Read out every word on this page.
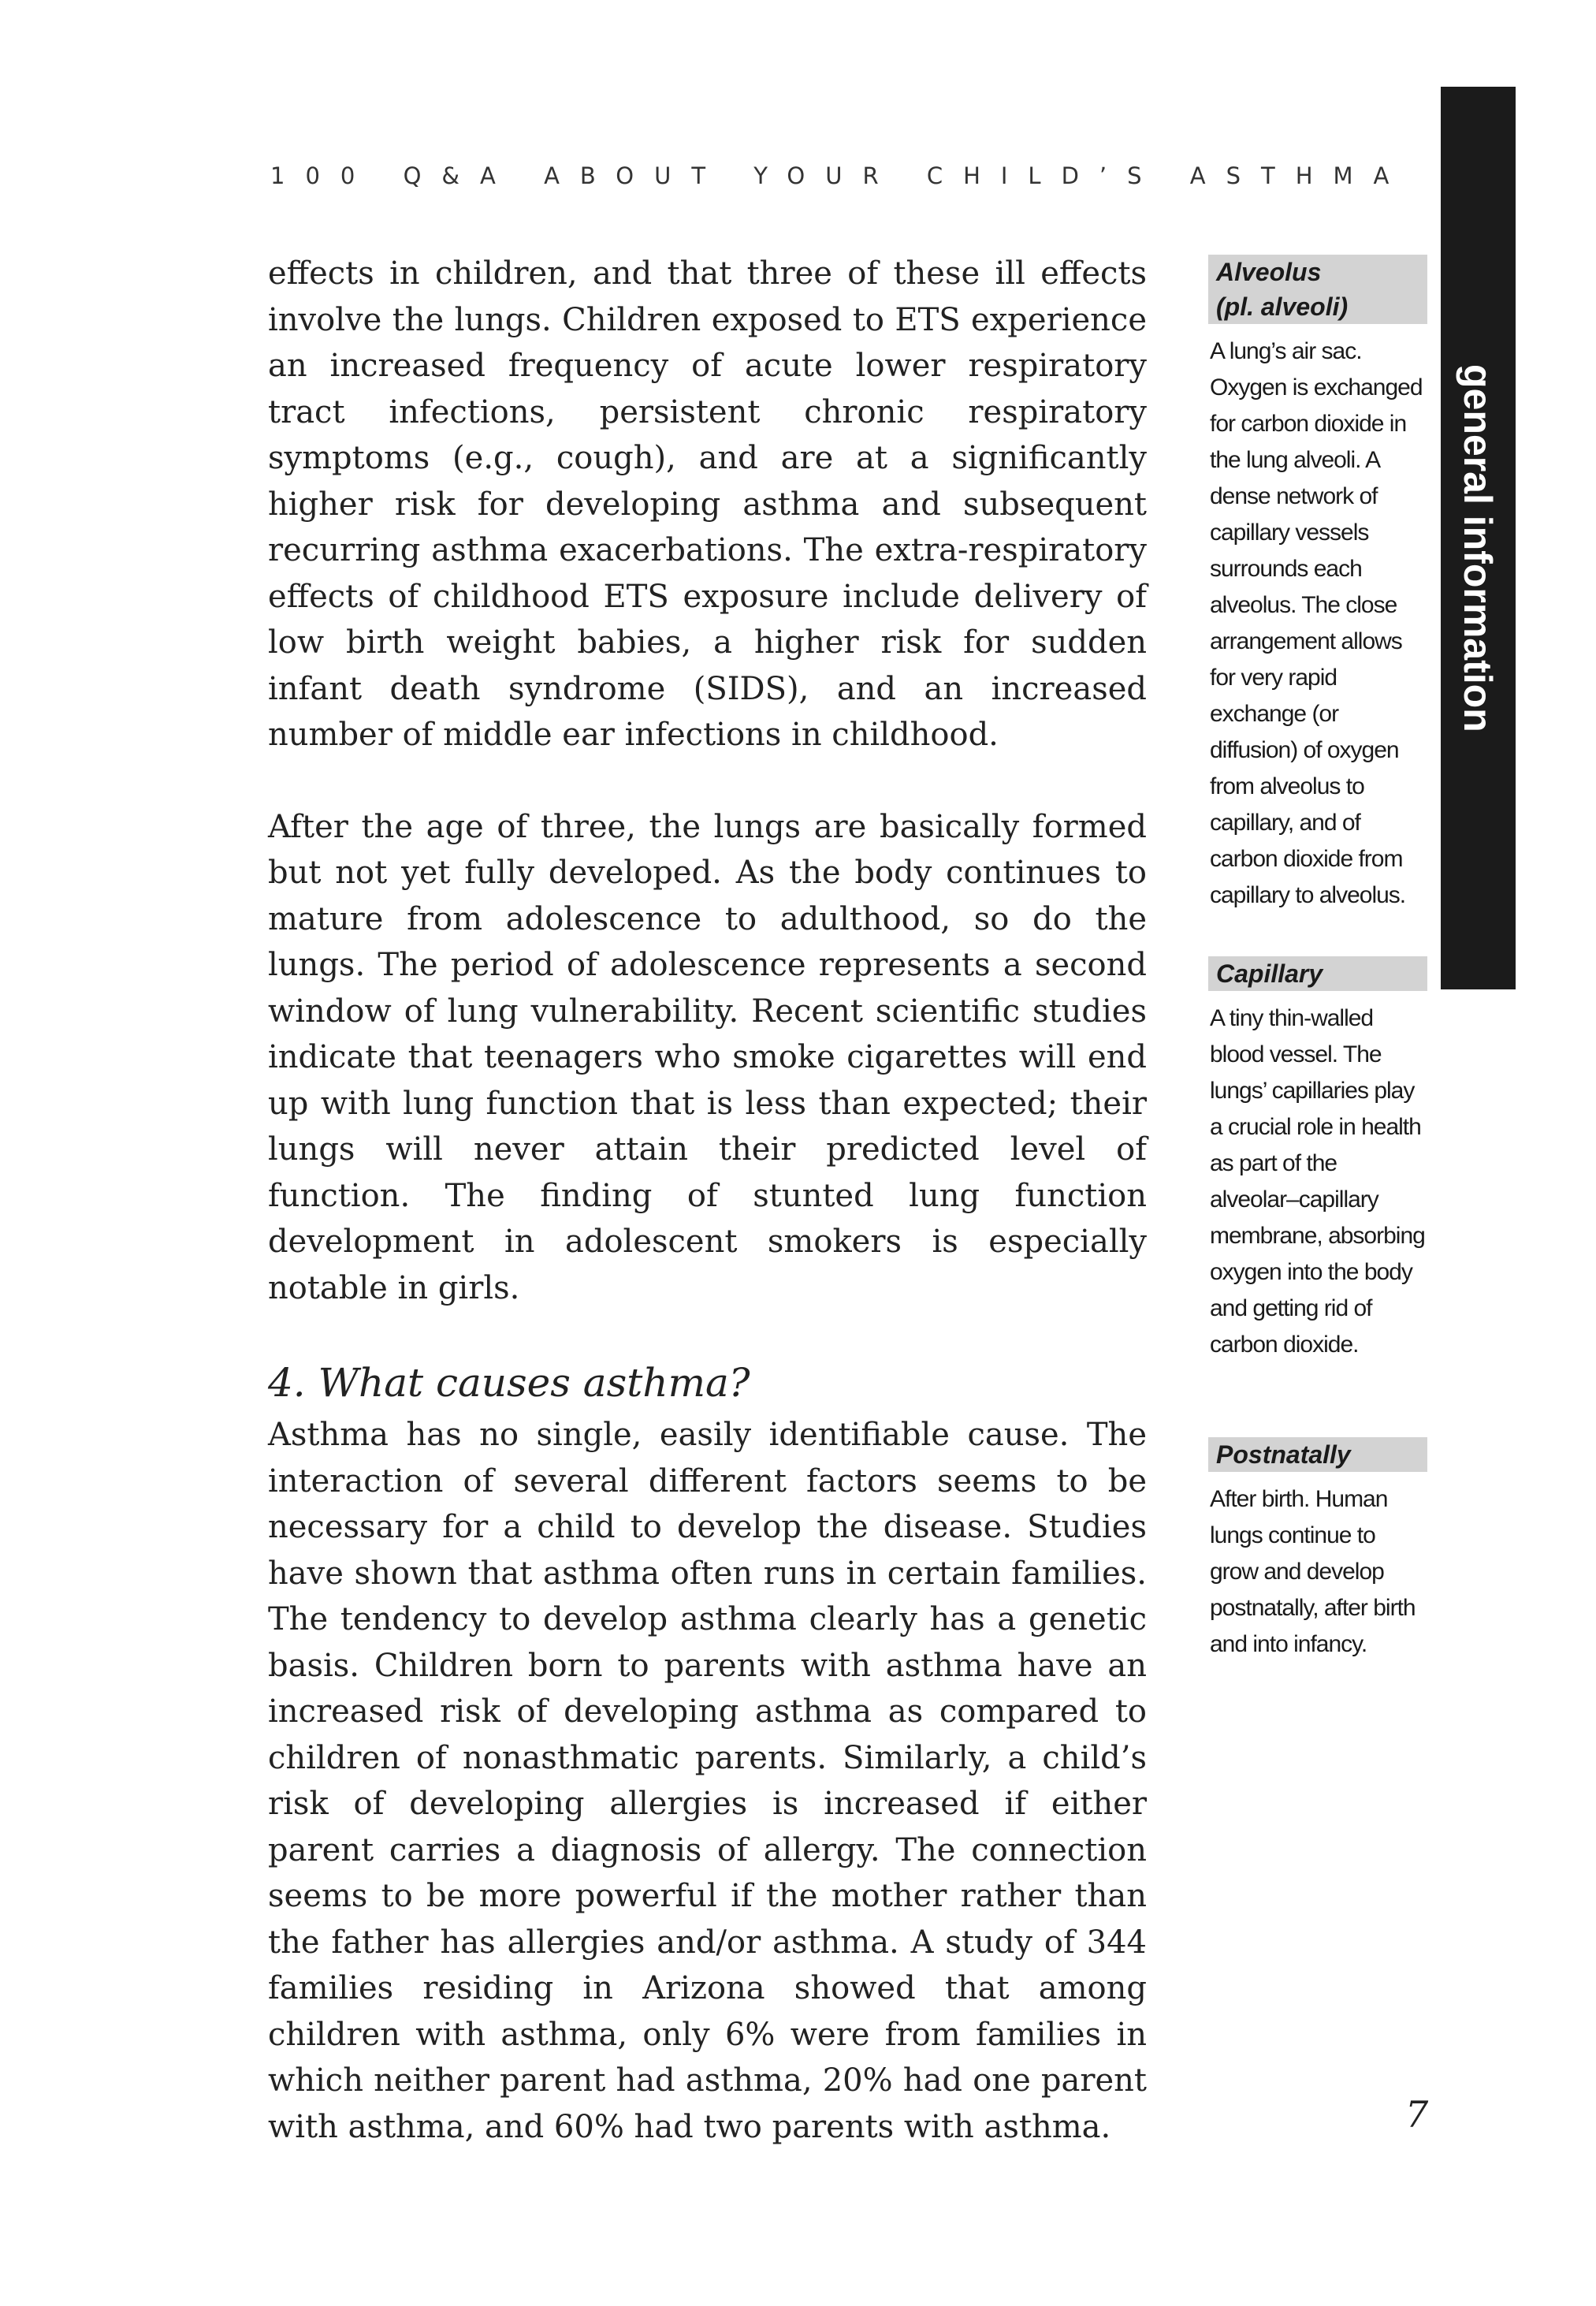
100 Q&A ABOUT YOUR CHILD’S ASTHMA
general information

effects in children, and that three of these ill effects involve the lungs. Children exposed to ETS experience an increased frequency of acute lower respiratory tract infections, persistent chronic respiratory symptoms (e.g., cough), and are at a significantly higher risk for developing asthma and subsequent recurring asthma exacerbations. The extra-respiratory effects of childhood ETS exposure include delivery of low birth weight babies, a higher risk for sudden infant death syndrome (SIDS), and an increased number of middle ear infections in childhood.

After the age of three, the lungs are basically formed but not yet fully developed. As the body continues to mature from adolescence to adulthood, so do the lungs. The period of adolescence represents a second window of lung vulnerability. Recent scientific studies indicate that teenagers who smoke cigarettes will end up with lung function that is less than expected; their lungs will never attain their predicted level of function. The finding of stunted lung function development in adolescent smokers is especially notable in girls.

4. What causes asthma?

Asthma has no single, easily identifiable cause. The interaction of several different factors seems to be necessary for a child to develop the disease. Studies have shown that asthma often runs in certain families. The tendency to develop asthma clearly has a genetic basis. Children born to parents with asthma have an increased risk of developing asthma as compared to children of nonasthmatic parents. Similarly, a child’s risk of developing allergies is increased if either parent carries a diagnosis of allergy. The connection seems to be more powerful if the mother rather than the father has allergies and/or asthma. A study of 344 families residing in Arizona showed that among children with asthma, only 6% were from families in which neither parent had asthma, 20% had one parent with asthma, and 60% had two parents with asthma.

Alveolus
(pl. alveoli)
A lung’s air sac. Oxygen is exchanged for carbon dioxide in the lung alveoli. A dense network of capillary vessels surrounds each alveolus. The close arrangement allows for very rapid exchange (or diffusion) of oxygen from alveolus to capillary, and of carbon dioxide from capillary to alveolus.
Capillary
A tiny thin-walled blood vessel. The lungs’ capillaries play a crucial role in health as part of the alveolar–capillary membrane, absorbing oxygen into the body and getting rid of carbon dioxide.
Postnatally
After birth. Human lungs continue to grow and develop postnatally, after birth and into infancy.
7
